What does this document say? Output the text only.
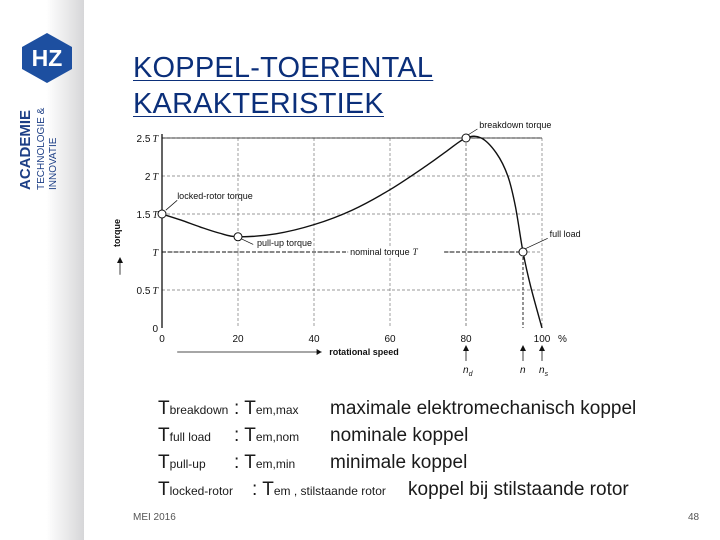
HZ
ACADEMIE TECHNOLOGIE & INNOVATIE
KOPPEL-TOERENTAL
KARAKTERISTIEK
2.5 T
2 T
1.5 T
T
0.5 T
0
0	20	40	60	80	100 %
torque
rotational speed
nominal torque T
$n_d$	n $n_s$
locked-rotor torque
pull-up torque
breakdown torque
full load
Tbreakdown : Tem,max maximale elektromechanisch koppel
Tfull load : Tem,nom nominale koppel
Tpull-up : Tem,min minimale koppel
Tlocked-rotor : Tem , stilstaande rotor koppel bij stilstaande rotor
MEI 2016	48
